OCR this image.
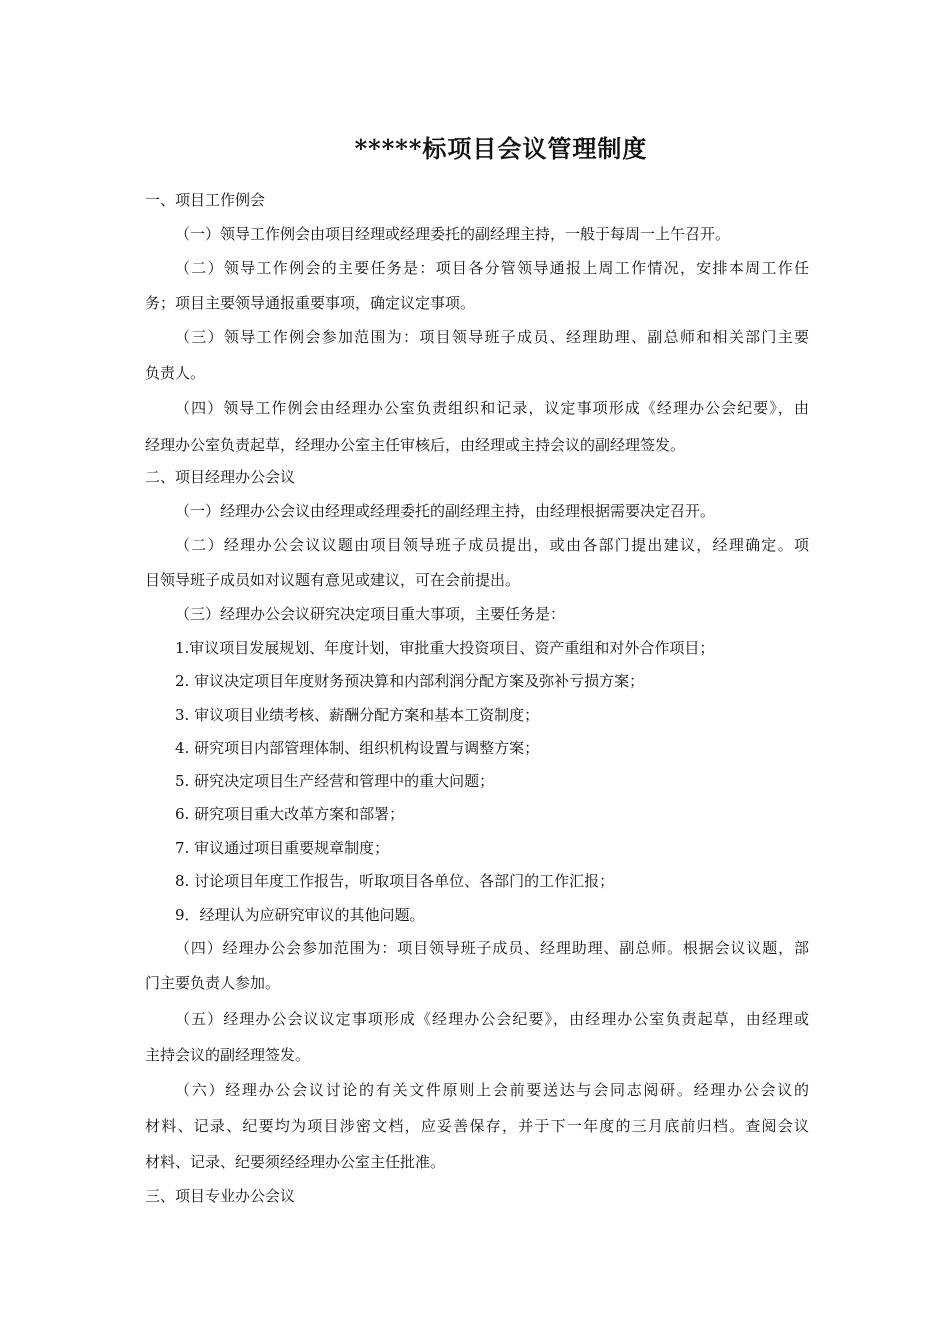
*****标项目会议管理制度
一、项目工作例会
（一）领导工作例会由项目经理或经理委托的副经理主持，一般于每周一上午召开。
（二）领导工作例会的主要任务是：项目各分管领导通报上周工作情况，安排本周工作任
务；项目主要领导通报重要事项，确定议定事项。
（三）领导工作例会参加范围为：项目领导班子成员、经理助理、副总师和相关部门主要
负责人。
（四）领导工作例会由经理办公室负责组织和记录，议定事项形成《经理办公会纪要》，由
经理办公室负责起草，经理办公室主任审核后，由经理或主持会议的副经理签发。
二、项目经理办公会议
（一）经理办公会议由经理或经理委托的副经理主持，由经理根据需要决定召开。
（二）经理办公会议议题由项目领导班子成员提出，或由各部门提出建议，经理确定。项
目领导班子成员如对议题有意见或建议，可在会前提出。
（三）经理办公会议研究决定项目重大事项，主要任务是：
1.审议项目发展规划、年度计划，审批重大投资项目、资产重组和对外合作项目；
2. 审议决定项目年度财务预决算和内部利润分配方案及弥补亏损方案；
3. 审议项目业绩考核、薪酬分配方案和基本工资制度；
4. 研究项目内部管理体制、组织机构设置与调整方案；
5. 研究决定项目生产经营和管理中的重大问题；
6. 研究项目重大改革方案和部署；
7. 审议通过项目重要规章制度；
8. 讨论项目年度工作报告，听取项目各单位、各部门的工作汇报；
9．经理认为应研究审议的其他问题。
（四）经理办公会参加范围为：项目领导班子成员、经理助理、副总师。根据会议议题，部
门主要负责人参加。
（五）经理办公会议议定事项形成《经理办公会纪要》，由经理办公室负责起草，由经理或
主持会议的副经理签发。
（六）经理办公会议讨论的有关文件原则上会前要送达与会同志阅研。经理办公会议的
材料、记录、纪要均为项目涉密文档，应妥善保存，并于下一年度的三月底前归档。查阅会议
材料、记录、纪要须经经理办公室主任批准。
三、项目专业办公会议
